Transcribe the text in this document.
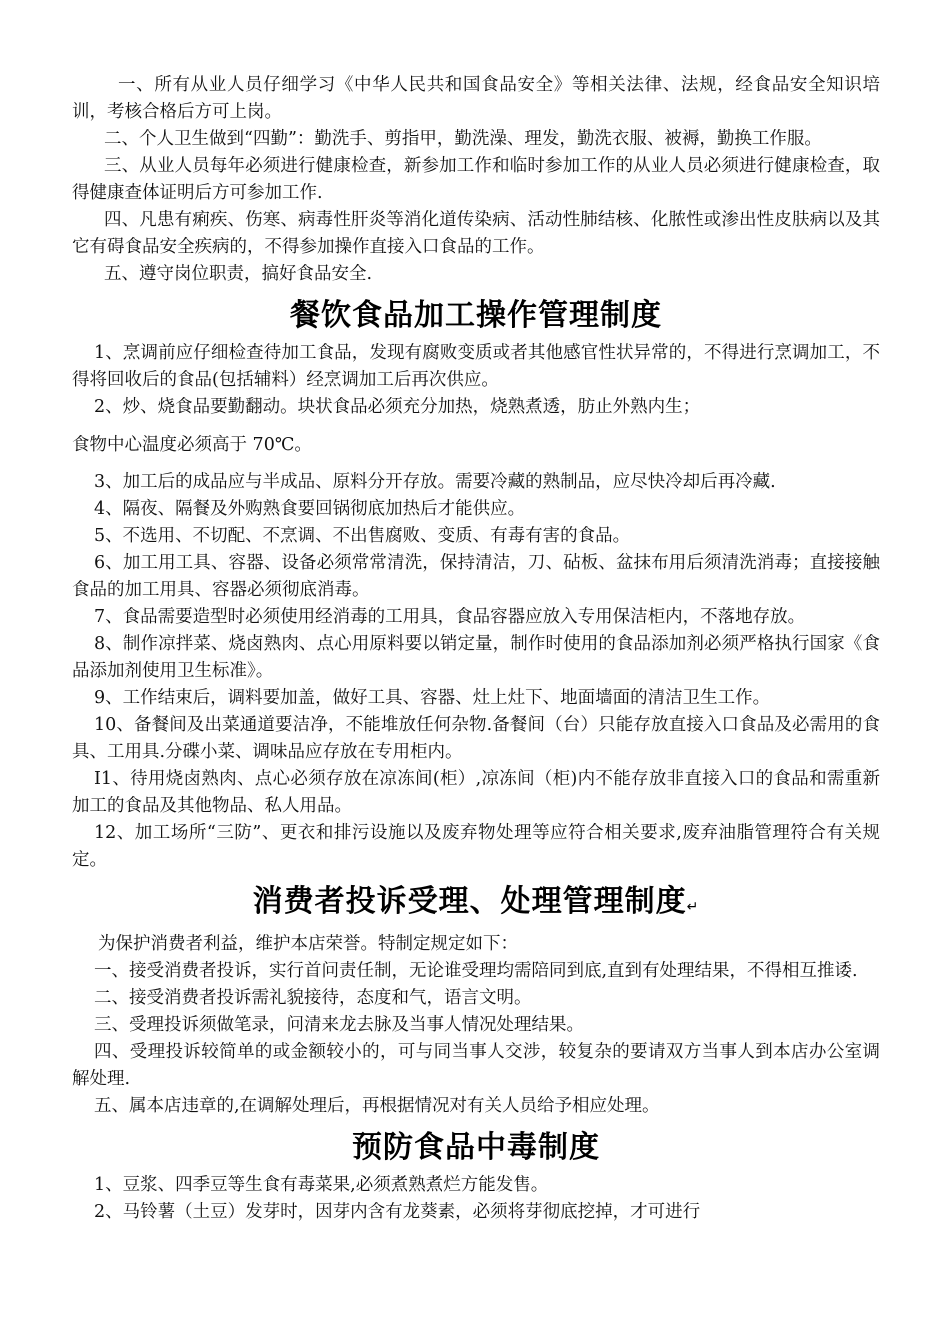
一、所有从业人员仔细学习《中华人民共和国食品安全》等相关法律、法规，经食品安全知识培训，考核合格后方可上岗。

二、个人卫生做到“四勤”：勤洗手、剪指甲，勤洗澡、理发，勤洗衣服、被褥，勤换工作服。

三、从业人员每年必须进行健康检查，新参加工作和临时参加工作的从业人员必须进行健康检查，取得健康查体证明后方可参加工作.

四、凡患有痢疾、伤寒、病毒性肝炎等消化道传染病、活动性肺结核、化脓性或渗出性皮肤病以及其它有碍食品安全疾病的，不得参加操作直接入口食品的工作。

五、遵守岗位职责，搞好食品安全.

餐饮食品加工操作管理制度

1、烹调前应仔细检查待加工食品，发现有腐败变质或者其他感官性状异常的，不得进行烹调加工，不得将回收后的食品(包括辅料）经烹调加工后再次供应。

2、炒、烧食品要勤翻动。块状食品必须充分加热，烧熟煮透，肪止外熟内生；

食物中心温度必须高于 70℃。

3、加工后的成品应与半成品、原料分开存放。需要冷藏的熟制品，应尽快冷却后再冷藏.

4、隔夜、隔餐及外购熟食要回锅彻底加热后才能供应。

5、不选用、不切配、不烹调、不出售腐败、变质、有毒有害的食品。

6、加工用工具、容器、设备必须常常清洗，保持清洁，刀、砧板、盆抹布用后须清洗消毒；直接接触食品的加工用具、容器必须彻底消毒。

7、食品需要造型时必须使用经消毒的工用具，食品容器应放入专用保洁柜内，不落地存放。

8、制作凉拌菜、烧卤熟肉、点心用原料要以销定量，制作时使用的食品添加剂必须严格执行国家《食品添加剂使用卫生标准》。

9、工作结束后，调料要加盖，做好工具、容器、灶上灶下、地面墙面的清洁卫生工作。

10、备餐间及出菜通道要洁净，不能堆放任何杂物.备餐间（台）只能存放直接入口食品及必需用的食具、工用具.分碟小菜、调味品应存放在专用柜内。

I1、待用烧卤熟肉、点心必须存放在凉冻间(柜）,凉冻间（柜)内不能存放非直接入口的食品和需重新加工的食品及其他物品、私人用品。

12、加工场所“三防”、更衣和排污设施以及废弃物处理等应符合相关要求,废弃油脂管理符合有关规定。

消费者投诉受理、处理管理制度↵

为保护消费者利益，维护本店荣誉。特制定规定如下：

一、接受消费者投诉，实行首问责任制，无论谁受理均需陪同到底,直到有处理结果，不得相互推诿.

二、接受消费者投诉需礼貌接待，态度和气，语言文明。

三、受理投诉须做笔录，问清来龙去脉及当事人情况处理结果。

四、受理投诉较简单的或金额较小的，可与同当事人交涉，较复杂的要请双方当事人到本店办公室调解处理.

五、属本店违章的,在调解处理后，再根据情况对有关人员给予相应处理。

预防食品中毒制度

1、豆浆、四季豆等生食有毒菜果,必须煮熟煮烂方能发售。

2、马铃薯（土豆）发芽时，因芽内含有龙葵素，必须将芽彻底挖掉，才可进行
